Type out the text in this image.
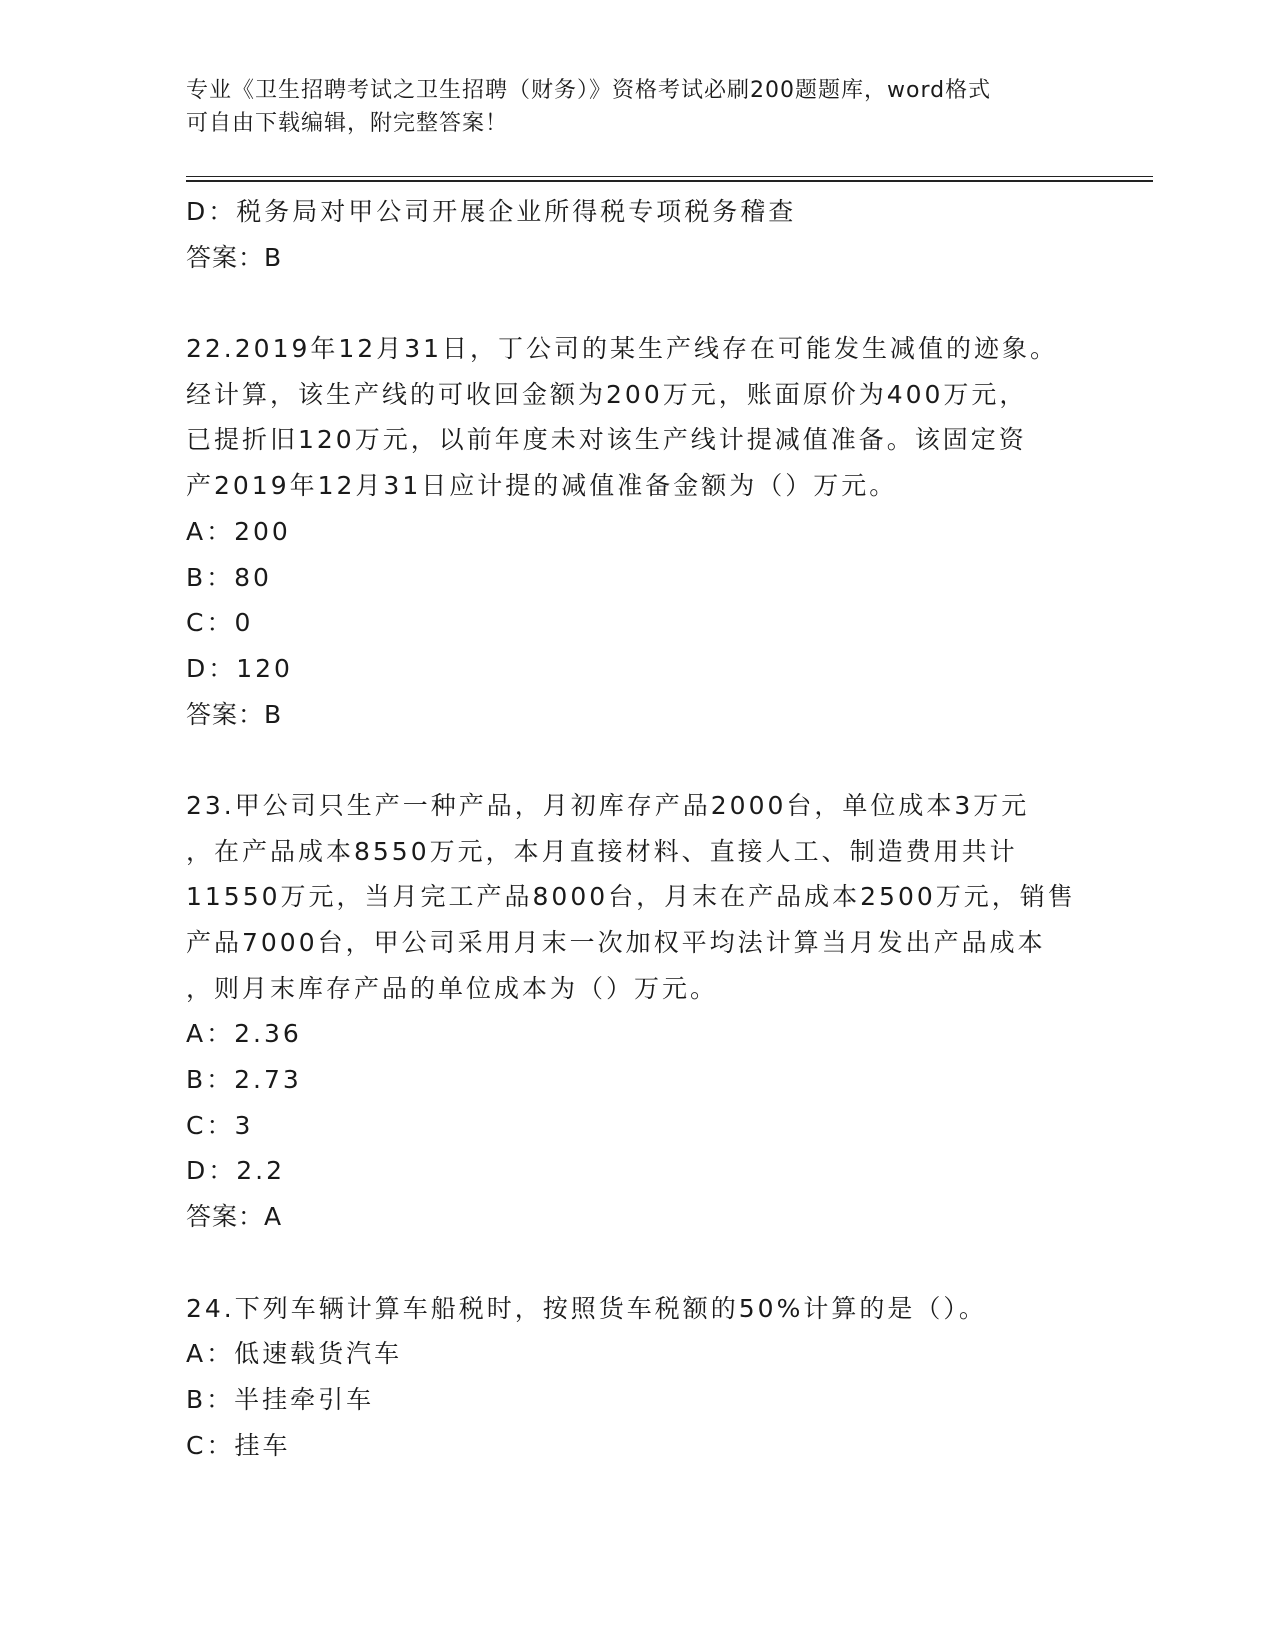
专业《卫生招聘考试之卫生招聘（财务）》资格考试必刷200题题库，word格式
可自由下载编辑，附完整答案！
D：税务局对甲公司开展企业所得税专项税务稽查
答案：B
22.2019年12月31日，丁公司的某生产线存在可能发生减值的迹象。
经计算，该生产线的可收回金额为200万元，账面原价为400万元，
已提折旧120万元，以前年度未对该生产线计提减值准备。该固定资
产2019年12月31日应计提的减值准备金额为（）万元。
A：200
B：80
C：0
D：120
答案：B
23.甲公司只生产一种产品，月初库存产品2000台，单位成本3万元
，在产品成本8550万元，本月直接材料、直接人工、制造费用共计
11550万元，当月完工产品8000台，月末在产品成本2500万元，销售
产品7000台，甲公司采用月末一次加权平均法计算当月发出产品成本
，则月末库存产品的单位成本为（）万元。
A：2.36
B：2.73
C：3
D：2.2
答案：A
24.下列车辆计算车船税时，按照货车税额的50%计算的是（）。
A：低速载货汽车
B：半挂牵引车
C：挂车
